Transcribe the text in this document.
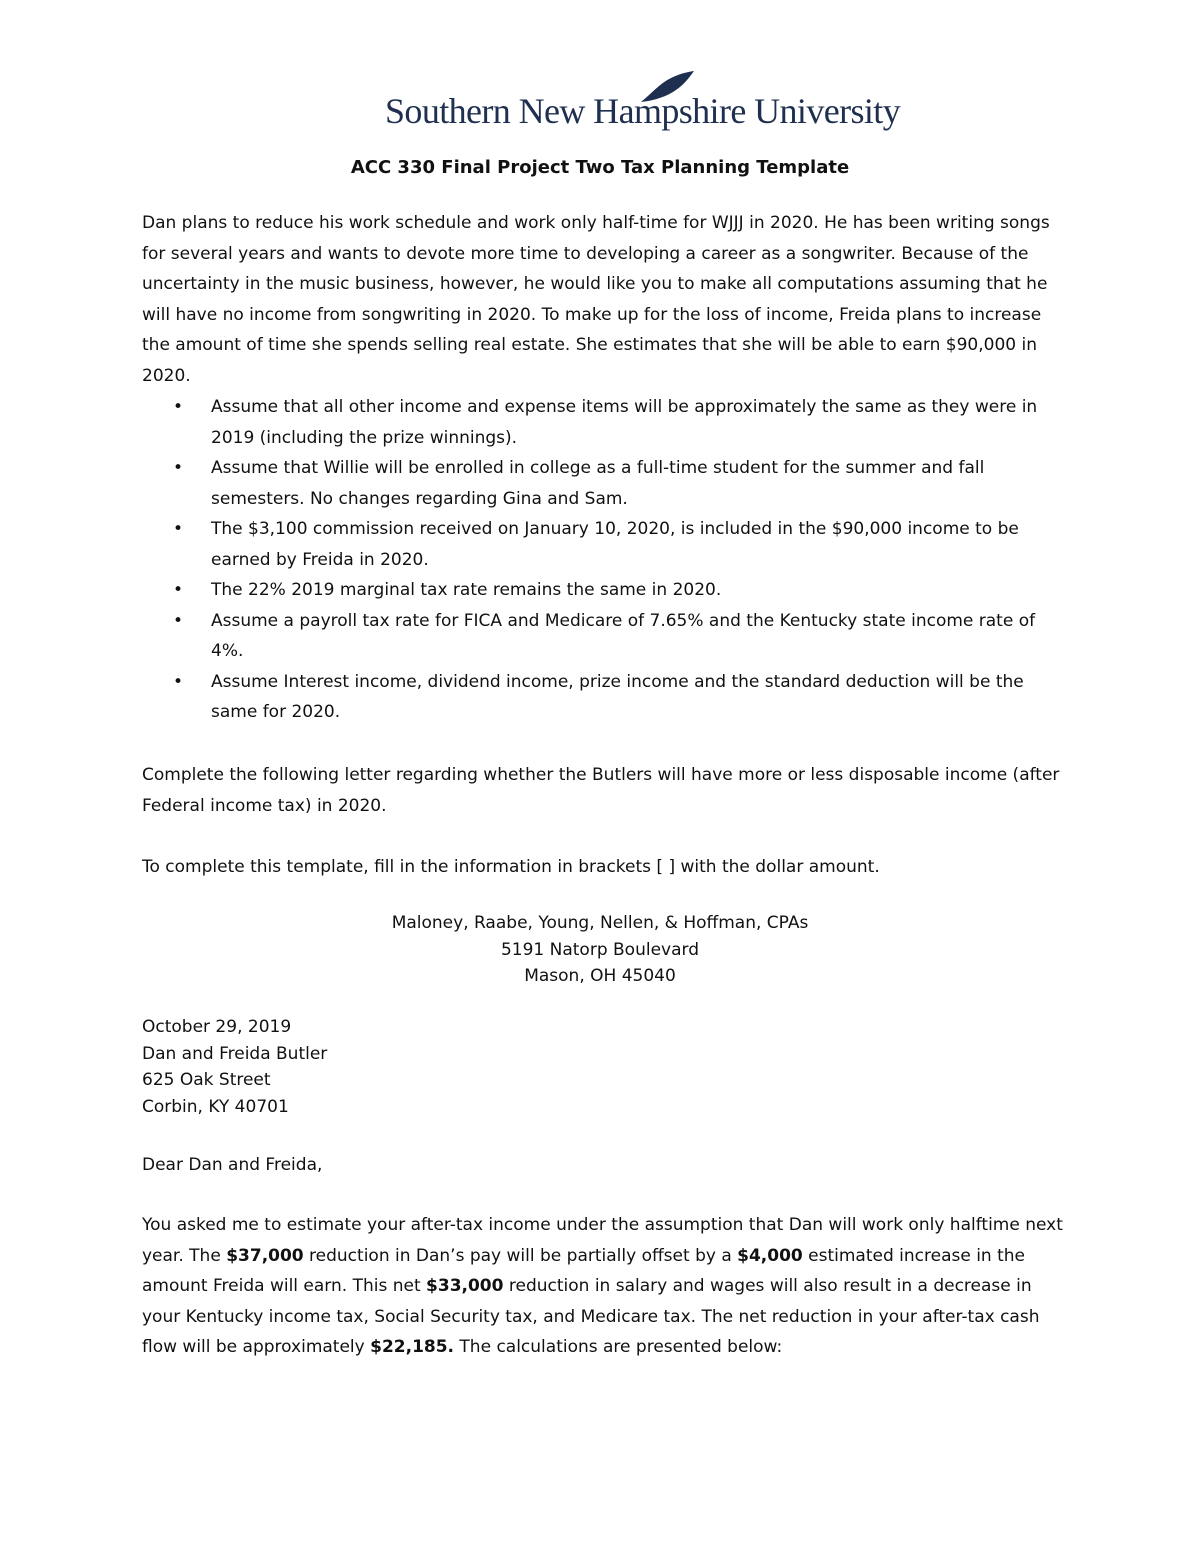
Southern New Hampshire University
ACC 330 Final Project Two Tax Planning Template

Dan plans to reduce his work schedule and work only half-time for WJJJ in 2020. He has been writing songs for several years and wants to devote more time to developing a career as a songwriter. Because of the uncertainty in the music business, however, he would like you to make all computations assuming that he will have no income from songwriting in 2020. To make up for the loss of income, Freida plans to increase the amount of time she spends selling real estate. She estimates that she will be able to earn $90,000 in 2020.

• Assume that all other income and expense items will be approximately the same as they were in 2019 (including the prize winnings).
• Assume that Willie will be enrolled in college as a full-time student for the summer and fall semesters. No changes regarding Gina and Sam.
• The $3,100 commission received on January 10, 2020, is included in the $90,000 income to be earned by Freida in 2020.
• The 22% 2019 marginal tax rate remains the same in 2020.
• Assume a payroll tax rate for FICA and Medicare of 7.65% and the Kentucky state income rate of 4%.
• Assume Interest income, dividend income, prize income and the standard deduction will be the same for 2020.

Complete the following letter regarding whether the Butlers will have more or less disposable income (after Federal income tax) in 2020.

To complete this template, fill in the information in brackets [ ] with the dollar amount.

Maloney, Raabe, Young, Nellen, & Hoffman, CPAs
5191 Natorp Boulevard
Mason, OH 45040
October 29, 2019
Dan and Freida Butler
625 Oak Street
Corbin, KY 40701

Dear Dan and Freida,

You asked me to estimate your after-tax income under the assumption that Dan will work only halftime next year. The $37,000 reduction in Dan’s pay will be partially offset by a $4,000 estimated increase in the amount Freida will earn. This net $33,000 reduction in salary and wages will also result in a decrease in your Kentucky income tax, Social Security tax, and Medicare tax. The net reduction in your after-tax cash flow will be approximately $22,185. The calculations are presented below:
